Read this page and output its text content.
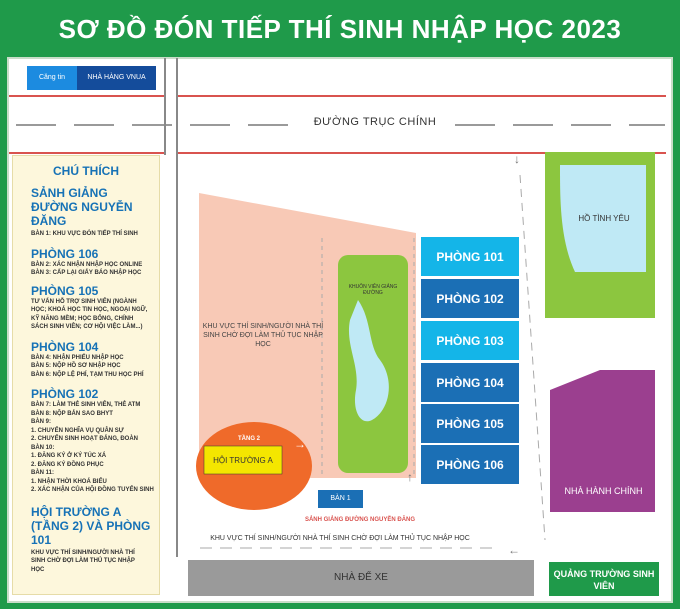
SƠ ĐỒ ĐÓN TIẾP THÍ SINH NHẬP HỌC 2023
Căng tin	NHÀ HÀNG VNUA
ĐƯỜNG TRỤC CHÍNH
CHÚ THÍCH
SẢNH GIẢNG ĐƯỜNG NGUYỄN ĐĂNG
BÀN 1: KHU VỰC ĐÓN TIẾP THÍ SINH
PHÒNG 106
BÀN 2: XÁC NHẬN NHẬP HỌC ONLINE
BÀN 3: CẤP LẠI GIẤY BÁO NHẬP HỌC
PHÒNG 105
TƯ VẤN HỖ TRỢ SINH VIÊN (NGÀNH HỌC; KHOÁ HỌC TIN HỌC, NGOẠI NGỮ, KỸ NĂNG MỀM; HỌC BỔNG, CHÍNH SÁCH SINH VIÊN; CƠ HỘI VIỆC LÀM...)
PHÒNG 104
BÀN 4: NHẬN PHIẾU NHẬP HỌC
BÀN 5: NỘP HỒ SƠ NHẬP HỌC
BÀN 6: NỘP LỆ PHÍ, TẠM THU HỌC PHÍ
PHÒNG 102
BÀN 7: LÀM THẺ SINH VIÊN, THẺ ATM
BÀN 8: NỘP BẢN SAO BHYT
BÀN 9:
1. CHUYỂN NGHĨA VỤ QUÂN SỰ
2. CHUYỂN SINH HOẠT ĐẢNG, ĐOÀN
BÀN 10:
1. ĐĂNG KÝ Ở KÝ TÚC XÁ
2. ĐĂNG KÝ ĐỒNG PHỤC
BÀN 11:
1. NHẬN THỜI KHOÁ BIỂU
2. XÁC NHẬN CỦA HỘI ĐỒNG TUYỂN SINH
HỘI TRƯỜNG A (TẦNG 2) VÀ PHÒNG 101
KHU VỰC THÍ SINH/NGƯỜI NHÀ THÍ SINH CHỜ ĐỢI LÀM THỦ TỤC NHẬP HỌC
↓
↑
←
→
KHU VỰC THÍ SINH/NGƯỜI NHÀ THÍ SINH CHỜ ĐỢI LÀM THỦ TỤC NHẬP HỌC
KHUÔN VIÊN GIẢNG ĐƯỜNG
TẦNG 2
HỘI TRƯỜNG A
BÀN 1
SẢNH GIẢNG ĐƯỜNG NGUYỄN ĐĂNG
KHU VỰC THÍ SINH/NGƯỜI NHÀ THÍ SINH CHỜ ĐỢI LÀM THỦ TỤC NHẬP HỌC
NHÀ ĐỂ XE
HỒ TÌNH YÊU
NHÀ HÀNH CHÍNH
QUẢNG TRƯỜNG SINH VIÊN
PHÒNG 101
PHÒNG 102
PHÒNG 103
PHÒNG 104
PHÒNG 105
PHÒNG 106
